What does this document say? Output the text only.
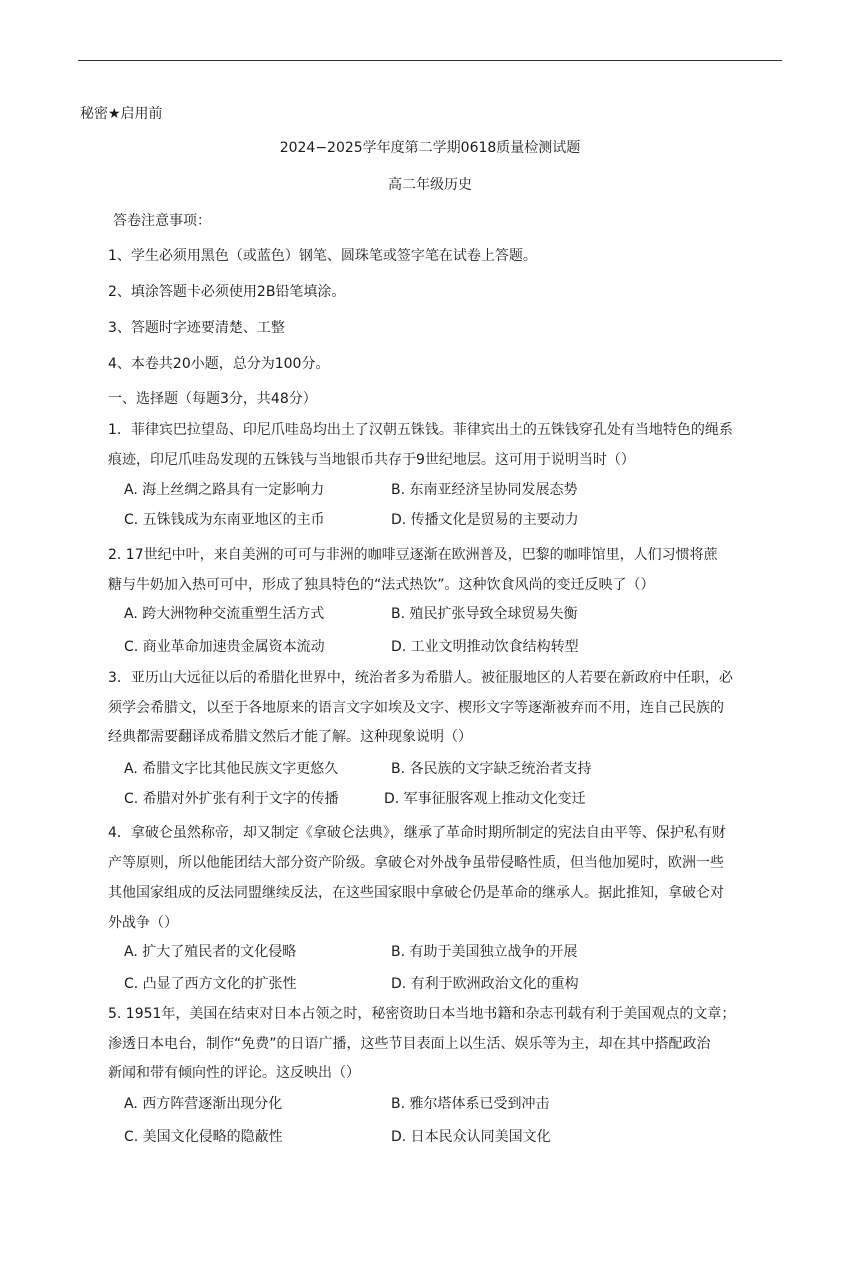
秘密★启用前
2024−2025学年度第二学期0618质量检测试题
高二年级历史
答卷注意事项：
1、学生必须用黑色（或蓝色）钢笔、圆珠笔或签字笔在试卷上答题。
2、填涂答题卡必须使用2B铅笔填涂。
3、答题时字迹要清楚、工整
4、本卷共20小题，总分为100分。
一、选择题（每题3分，共48分）
1．菲律宾巴拉望岛、印尼爪哇岛均出土了汉朝五铢钱。菲律宾出土的五铢钱穿孔处有当地特色的绳系
痕迹，印尼爪哇岛发现的五铢钱与当地银币共存于9世纪地层。这可用于说明当时（）
A. 海上丝绸之路具有一定影响力	B. 东南亚经济呈协同发展态势
C. 五铢钱成为东南亚地区的主币	D. 传播文化是贸易的主要动力
2. 17世纪中叶，来自美洲的可可与非洲的咖啡豆逐渐在欧洲普及，巴黎的咖啡馆里，人们习惯将蔗
糖与牛奶加入热可可中，形成了独具特色的“法式热饮”。这种饮食风尚的变迁反映了（）
A. 跨大洲物种交流重塑生活方式	B. 殖民扩张导致全球贸易失衡
C. 商业革命加速贵金属资本流动	D. 工业文明推动饮食结构转型
3．亚历山大远征以后的希腊化世界中，统治者多为希腊人。被征服地区的人若要在新政府中任职，必
须学会希腊文，以至于各地原来的语言文字如埃及文字、楔形文字等逐渐被弃而不用，连自己民族的
经典都需要翻译成希腊文然后才能了解。这种现象说明（）
A. 希腊文字比其他民族文字更悠久	B. 各民族的文字缺乏统治者支持
C. 希腊对外扩张有利于文字的传播	D. 军事征服客观上推动文化变迁
4．拿破仑虽然称帝，却又制定《拿破仑法典》，继承了革命时期所制定的宪法自由平等、保护私有财
产等原则，所以他能团结大部分资产阶级。拿破仑对外战争虽带侵略性质，但当他加冕时，欧洲一些
其他国家组成的反法同盟继续反法，在这些国家眼中拿破仑仍是革命的继承人。据此推知，拿破仑对
外战争（）
A. 扩大了殖民者的文化侵略	B. 有助于美国独立战争的开展
C. 凸显了西方文化的扩张性	D. 有利于欧洲政治文化的重构
5. 1951年，美国在结束对日本占领之时，秘密资助日本当地书籍和杂志刊载有利于美国观点的文章；
渗透日本电台，制作“免费”的日语广播，这些节目表面上以生活、娱乐等为主，却在其中搭配政治
新闻和带有倾向性的评论。这反映出（）
A. 西方阵营逐渐出现分化	B. 雅尔塔体系已受到冲击
C. 美国文化侵略的隐蔽性	D. 日本民众认同美国文化
